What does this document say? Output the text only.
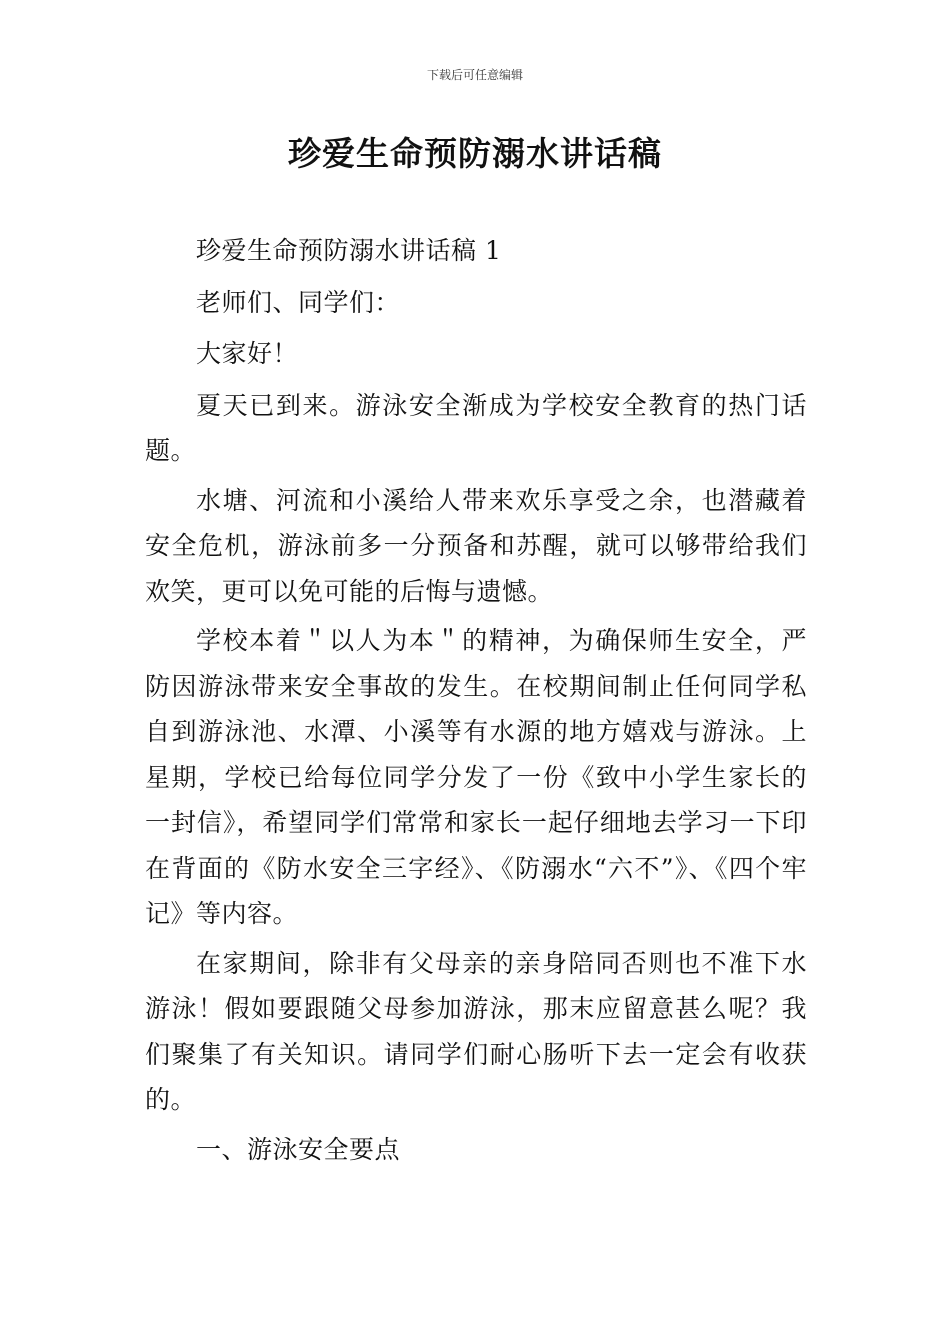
下载后可任意编辑
珍爱生命预防溺水讲话稿

珍爱生命预防溺水讲话稿 1

老师们、同学们：

大家好！

夏天已到来。游泳安全渐成为学校安全教育的热门话题。

水塘、河流和小溪给人带来欢乐享受之余，也潜藏着安全危机，游泳前多一分预备和苏醒，就可以够带给我们欢笑，更可以免可能的后悔与遗憾。

学校本着＂以人为本＂的精神，为确保师生安全，严防因游泳带来安全事故的发生。在校期间制止任何同学私自到游泳池、水潭、小溪等有水源的地方嬉戏与游泳。上星期，学校已给每位同学分发了一份《致中小学生家长的一封信》，希望同学们常常和家长一起仔细地去学习一下印在背面的《防水安全三字经》、《防溺水“六不”》、《四个牢记》等内容。

在家期间，除非有父母亲的亲身陪同否则也不准下水游泳！假如要跟随父母参加游泳，那末应留意甚么呢？我们聚集了有关知识。请同学们耐心肠听下去一定会有收获的。

一、游泳安全要点
